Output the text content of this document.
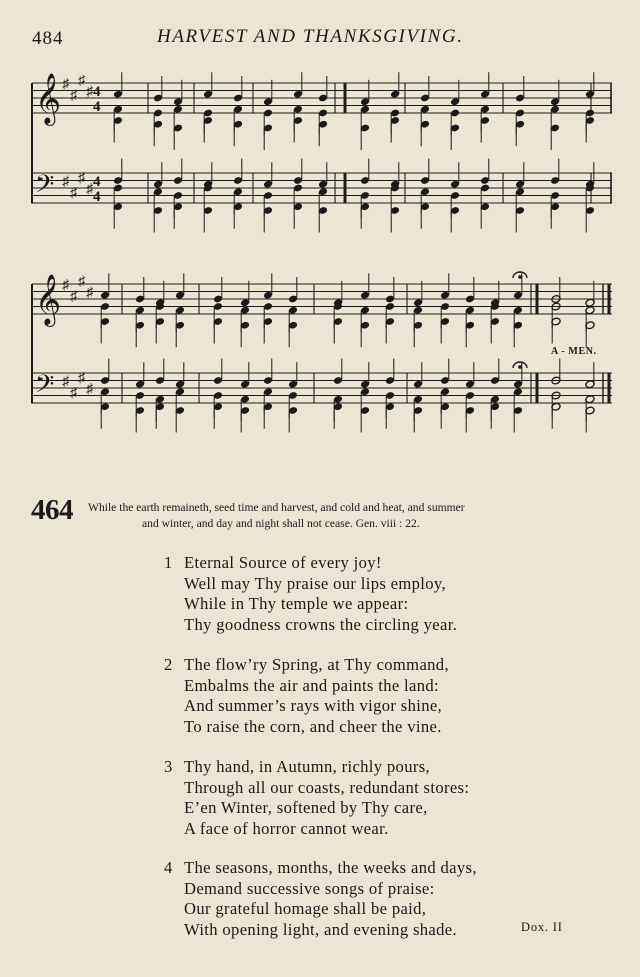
484	HARVEST AND THANKSGIVING.
𝄞
𝄢
𝄞
𝄢
♯
♯
♯
♯
♯
♯
♯
♯
♯
♯
♯
♯
♯
♯
♯
♯
4
4
4
4
A - MEN.
464 While the earth remaineth, seed time and harvest, and cold and heat, and summer
and winter, and day and night shall not cease. Gen. viii : 22.
1 Eternal Source of every joy!
Well may Thy praise our lips employ,
While in Thy temple we appear:
Thy goodness crowns the circling year.
2 The flow’ry Spring, at Thy command,
Embalms the air and paints the land:
And summer’s rays with vigor shine,
To raise the corn, and cheer the vine.
3 Thy hand, in Autumn, richly pours,
Through all our coasts, redundant stores:
E’en Winter, softened by Thy care,
A face of horror cannot wear.
4 The seasons, months, the weeks and days,
Demand successive songs of praise:
Our grateful homage shall be paid,
With opening light, and evening shade.	Dox. II
